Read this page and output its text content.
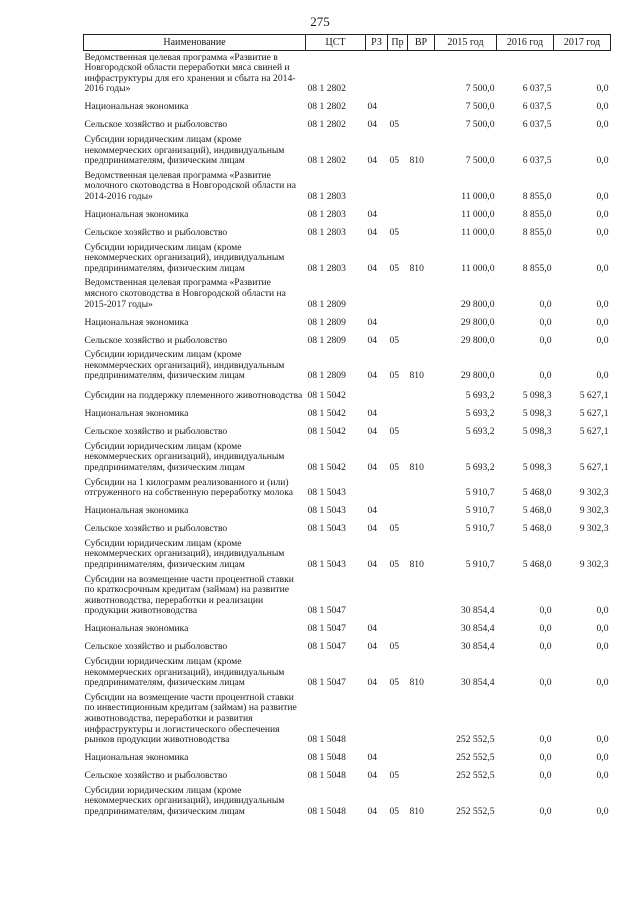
275
Наименование	ЦСТ	РЗ	Пр	ВР	2015 год	2016 год	2017 год
Ведомственная целевая программа «Развитие в Новгородской области переработки мяса свиней и инфраструктуры для его хранения и сбыта на 2014-2016 годы»	08 1 2802				7 500,0	6 037,5	0,0
Национальная экономика	08 1 2802	04			7 500,0	6 037,5	0,0
Сельское хозяйство и рыболовство	08 1 2802	04	05		7 500,0	6 037,5	0,0
Субсидии юридическим лицам (кроме некоммерческих организаций), индивидуальным предпринимателям, физическим лицам	08 1 2802	04	05	810	7 500,0	6 037,5	0,0
Ведомственная целевая программа «Развитие молочного скотоводства в Новгородской области на 2014-2016 годы»	08 1 2803				11 000,0	8 855,0	0,0
Национальная экономика	08 1 2803	04			11 000,0	8 855,0	0,0
Сельское хозяйство и рыболовство	08 1 2803	04	05		11 000,0	8 855,0	0,0
Субсидии юридическим лицам (кроме некоммерческих организаций), индивидуальным предпринимателям, физическим лицам	08 1 2803	04	05	810	11 000,0	8 855,0	0,0
Ведомственная целевая программа «Развитие мясного скотоводства в Новгородской области на 2015-2017 годы»	08 1 2809				29 800,0	0,0	0,0
Национальная экономика	08 1 2809	04			29 800,0	0,0	0,0
Сельское хозяйство и рыболовство	08 1 2809	04	05		29 800,0	0,0	0,0
Субсидии юридическим лицам (кроме некоммерческих организаций), индивидуальным предпринимателям, физическим лицам	08 1 2809	04	05	810	29 800,0	0,0	0,0
Субсидии на поддержку племенного животноводства	08 1 5042				5 693,2	5 098,3	5 627,1
Национальная экономика	08 1 5042	04			5 693,2	5 098,3	5 627,1
Сельское хозяйство и рыболовство	08 1 5042	04	05		5 693,2	5 098,3	5 627,1
Субсидии юридическим лицам (кроме некоммерческих организаций), индивидуальным предпринимателям, физическим лицам	08 1 5042	04	05	810	5 693,2	5 098,3	5 627,1
Субсидии на 1 килограмм реализованного и (или) отгруженного на собственную переработку молока	08 1 5043				5 910,7	5 468,0	9 302,3
Национальная экономика	08 1 5043	04			5 910,7	5 468,0	9 302,3
Сельское хозяйство и рыболовство	08 1 5043	04	05		5 910,7	5 468,0	9 302,3
Субсидии юридическим лицам (кроме некоммерческих организаций), индивидуальным предпринимателям, физическим лицам	08 1 5043	04	05	810	5 910,7	5 468,0	9 302,3
Субсидии на возмещение части процентной ставки по краткосрочным кредитам (займам) на развитие животноводства, переработки и реализации продукции животноводства	08 1 5047				30 854,4	0,0	0,0
Национальная экономика	08 1 5047	04			30 854,4	0,0	0,0
Сельское хозяйство и рыболовство	08 1 5047	04	05		30 854,4	0,0	0,0
Субсидии юридическим лицам (кроме некоммерческих организаций), индивидуальным предпринимателям, физическим лицам	08 1 5047	04	05	810	30 854,4	0,0	0,0
Субсидии на возмещение части процентной ставки по инвестиционным кредитам (займам) на развитие животноводства, переработки и развития инфраструктуры и логистического обеспечения рынков продукции животноводства	08 1 5048				252 552,5	0,0	0,0
Национальная экономика	08 1 5048	04			252 552,5	0,0	0,0
Сельское хозяйство и рыболовство	08 1 5048	04	05		252 552,5	0,0	0,0
Субсидии юридическим лицам (кроме некоммерческих организаций), индивидуальным предпринимателям, физическим лицам	08 1 5048	04	05	810	252 552,5	0,0	0,0
